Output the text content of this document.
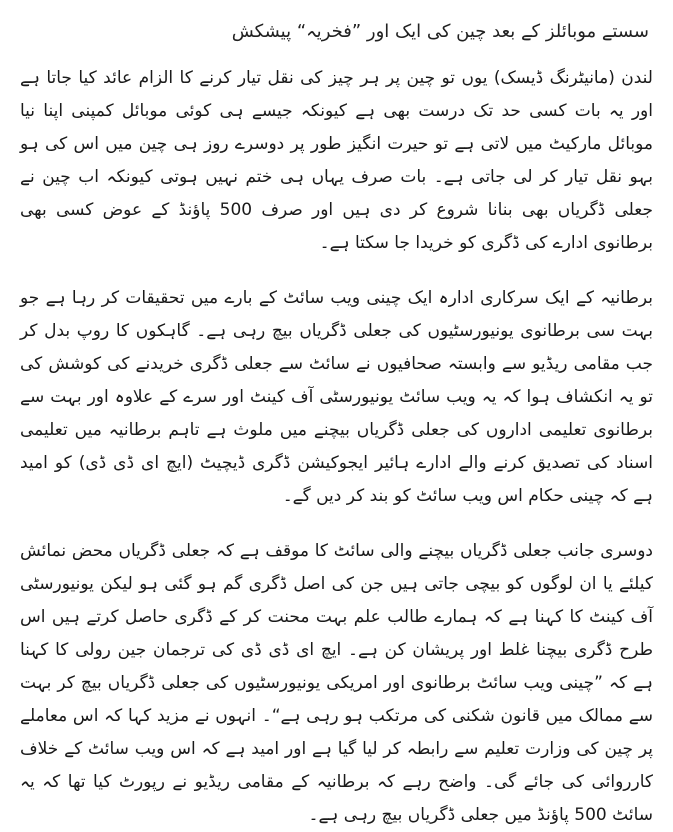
سستے موبائلز کے بعد چین کی ایک اور ”فخریہ“ پیشکش

لندن (مانیٹرنگ ڈیسک) یوں تو چین پر ہر چیز کی نقل تیار کرنے کا الزام عائد کیا جاتا ہے اور یہ بات کسی حد تک درست بھی ہے کیونکہ جیسے ہی کوئی موبائل کمپنی اپنا نیا موبائل مارکیٹ میں لاتی ہے تو حیرت انگیز طور پر دوسرے روز ہی چین میں اس کی ہو بہو نقل تیار کر لی جاتی ہے۔ بات صرف یہاں ہی ختم نہیں ہوتی کیونکہ اب چین نے جعلی ڈگریاں بھی بنانا شروع کر دی ہیں اور صرف 500 پاؤنڈ کے عوض کسی بھی برطانوی ادارے کی ڈگری کو خریدا جا سکتا ہے۔

برطانیہ کے ایک سرکاری ادارہ ایک چینی ویب سائٹ کے بارے میں تحقیقات کر رہا ہے جو بہت سی برطانوی یونیورسٹیوں کی جعلی ڈگریاں بیچ رہی ہے۔ گاہکوں کا روپ بدل کر جب مقامی ریڈیو سے وابستہ صحافیوں نے سائٹ سے جعلی ڈگری خریدنے کی کوشش کی تو یہ انکشاف ہوا کہ یہ ویب سائٹ یونیورسٹی آف کینٹ اور سرے کے علاوہ اور بہت سے برطانوی تعلیمی اداروں کی جعلی ڈگریاں بیچنے میں ملوث ہے تاہم برطانیہ میں تعلیمی اسناد کی تصدیق کرنے والے ادارے ہائیر ایجوکیشن ڈگری ڈیچیٹ (ایچ ای ڈی ڈی) کو امید ہے کہ چینی حکام اس ویب سائٹ کو بند کر دیں گے۔

دوسری جانب جعلی ڈگریاں بیچنے والی سائٹ کا موقف ہے کہ جعلی ڈگریاں محض نمائش کیلئے یا ان لوگوں کو بیچی جاتی ہیں جن کی اصل ڈگری گم ہو گئی ہو لیکن یونیورسٹی آف کینٹ کا کہنا ہے کہ ہمارے طالب علم بہت محنت کر کے ڈگری حاصل کرتے ہیں اس طرح ڈگری بیچنا غلط اور پریشان کن ہے۔ ایچ ای ڈی ڈی کی ترجمان جین رولی کا کہنا ہے کہ ”چینی ویب سائٹ برطانوی اور امریکی یونیورسٹیوں کی جعلی ڈگریاں بیچ کر بہت سے ممالک میں قانون شکنی کی مرتکب ہو رہی ہے“۔ انہوں نے مزید کہا کہ اس معاملے پر چین کی وزارت تعلیم سے رابطہ کر لیا گیا ہے اور امید ہے کہ اس ویب سائٹ کے خلاف کارروائی کی جائے گی۔ واضح رہے کہ برطانیہ کے مقامی ریڈیو نے رپورٹ کیا تھا کہ یہ سائٹ 500 پاؤنڈ میں جعلی ڈگریاں بیچ رہی ہے۔
